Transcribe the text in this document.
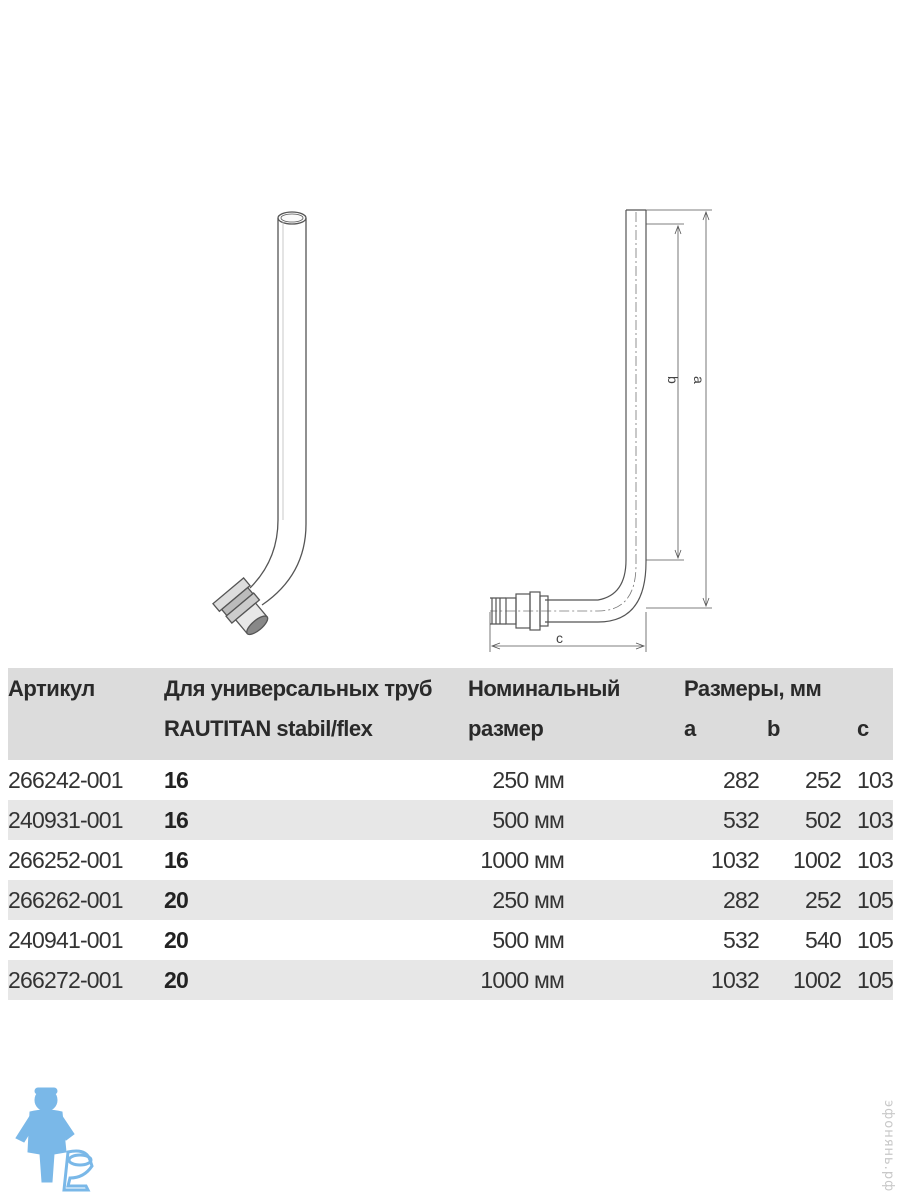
b a
c
Артикул	Для универсальных труб	Номинальный	Размеры, мм		
	RAUTITAN stabil/flex	размер	a	b	c
266242-001	16	250 мм	282	252	103
240931-001	16	500 мм	532	502	103
266252-001	16	1000 мм	1032	1002	103
266262-001	20	250 мм	282	252	105
240941-001	20	500 мм	532	540	105
266272-001	20	1000 мм	1032	1002	105
эфонянь.рф
